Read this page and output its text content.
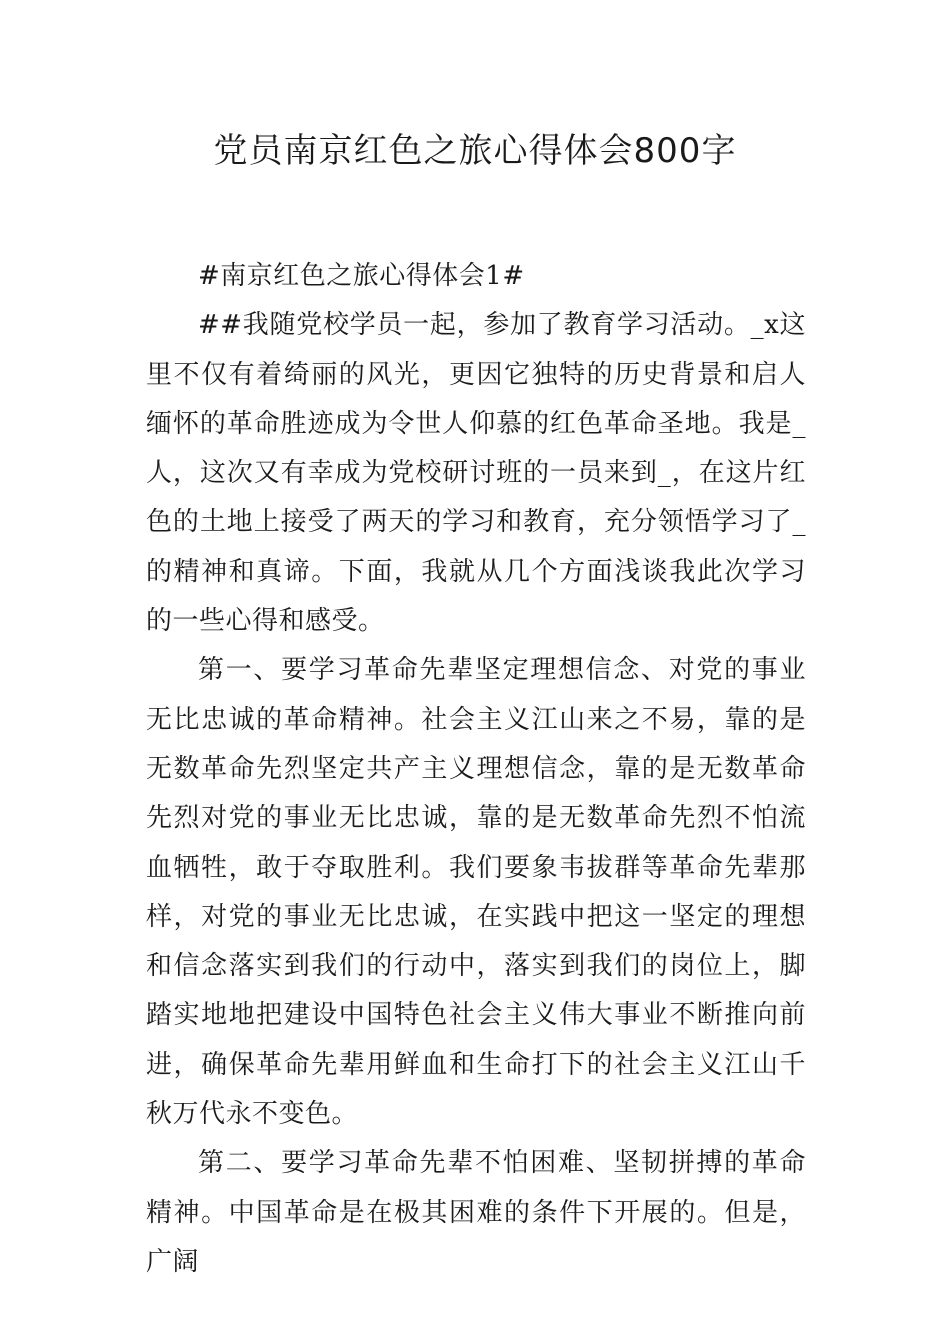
党员南京红色之旅心得体会800字

#南京红色之旅心得体会1#

##我随党校学员一起，参加了教育学习活动。_x这里不仅有着绮丽的风光，更因它独特的历史背景和启人缅怀的革命胜迹成为令世人仰慕的红色革命圣地。我是_人，这次又有幸成为党校研讨班的一员来到_，在这片红色的土地上接受了两天的学习和教育，充分领悟学习了_的精神和真谛。下面，我就从几个方面浅谈我此次学习的一些心得和感受。

第一、要学习革命先辈坚定理想信念、对党的事业无比忠诚的革命精神。社会主义江山来之不易，靠的是无数革命先烈坚定共产主义理想信念，靠的是无数革命先烈对党的事业无比忠诚，靠的是无数革命先烈不怕流血牺牲，敢于夺取胜利。我们要象韦拔群等革命先辈那样，对党的事业无比忠诚，在实践中把这一坚定的理想和信念落实到我们的行动中，落实到我们的岗位上，脚踏实地地把建设中国特色社会主义伟大事业不断推向前进，确保革命先辈用鲜血和生命打下的社会主义江山千秋万代永不变色。

第二、要学习革命先辈不怕困难、坚韧拼搏的革命精神。中国革命是在极其困难的条件下开展的。但是，广阔
